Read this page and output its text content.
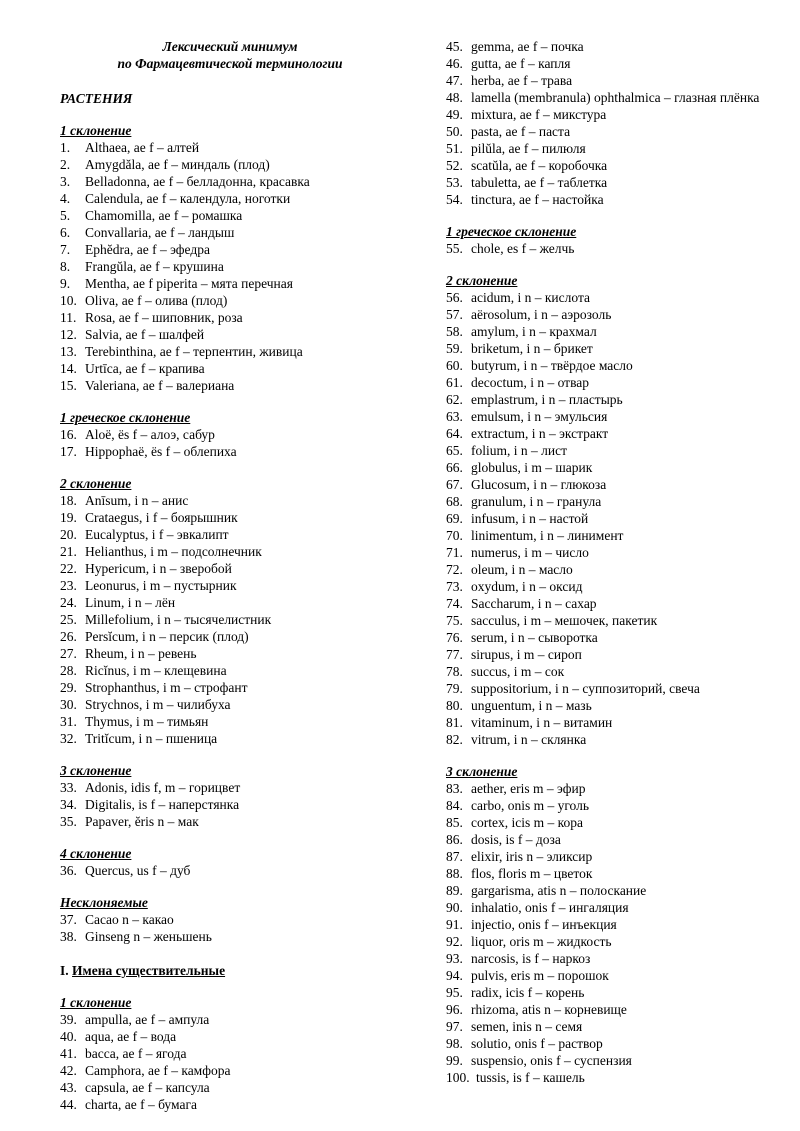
Лексический минимум
по Фармацевтической терминологии
РАСТЕНИЯ
1 склонение
1.	Althaea, ae f – алтей
2.	Amygdăla, ae f – миндаль (плод)
3.	Belladonna, ae f – белладонна, красавка
4.	Calendula, ae f – календула, ноготки
5.	Chamomilla, ae f – ромашка
6.	Convallaria, ae f – ландыш
7.	Ephĕdra, ae f – эфедра
8.	Frangŭla, ae f – крушина
9.	Mentha, ae f piperita – мята перечная
10. Oliva, ae f – олива (плод)
11. Rosa, ae f – шиповник, роза
12. Salvia, ae f – шалфей
13. Terebinthina, ae f – терпентин, живица
14. Urtīca, ae f – крапива
15. Valeriana, ae f – валериана
1 греческое склонение
16. Aloë, ёs f – алоэ, сабур
17. Hippophaë, ёs f – облепиха
2 склонение
18. Anīsum, i n – анис
19. Crataegus, i f – боярышник
20. Eucalyptus, i f – эвкалипт
21. Helianthus, i m – подсолнечник
22. Hypericum, i n – зверобой
23. Leonurus, i m – пустырник
24. Linum, i n – лён
25. Millefolium, i n – тысячелистник
26. Persĭcum, i n – персик (плод)
27. Rheum, i n – ревень
28. Ricĭnus, i m – клещевина
29. Strophanthus, i m – строфант
30. Strychnos, i m – чилибуха
31. Thymus, i m – тимьян
32. Tritĭcum, i n – пшеница
3 склонение
33. Adonis, idis f, m – горицвет
34. Digitalis, is f – наперстянка
35. Papaver, ĕris n – мак
4 склонение
36. Quercus, us f – дуб
Несклоняемые
37. Cacao n – какао
38. Ginseng n – женьшень
I. Имена существительные
1 склонение
39. ampulla, ae f – ампула
40. aqua, ae f – вода
41. bacca, ae f – ягода
42. Camphora, ae f – камфора
43. capsula, ae f – капсула
44. charta, ae f – бумага
45. gemma, ae f – почка
46. gutta, ae f – капля
47. herba, ae f – трава
48. lamella (membranula) ophthalmica – глазная плёнка
49. mixtura, ae f – микстура
50. pasta, ae f – паста
51. pilŭla, ae f – пилюля
52. scatŭla, ae f – коробочка
53. tabuletta, ae f – таблетка
54. tinctura, ae f – настойка
1 греческое склонение
55. chole, es f – желчь
2 склонение
56. acidum, i n – кислота
57. aërosolum, i n – аэрозоль
58. amylum, i n – крахмал
59. briketum, i n – брикет
60. butyrum, i n – твёрдое масло
61. decoctum, i n – отвар
62. emplastrum, i n – пластырь
63. emulsum, i n – эмульсия
64. extractum, i n – экстракт
65. folium, i n – лист
66. globulus, i m – шарик
67. Glucosum, i n – глюкоза
68. granulum, i n – гранула
69. infusum, i n – настой
70. linimentum, i n – линимент
71. numerus, i m – число
72. oleum, i n – масло
73. oxydum, i n – оксид
74. Saccharum, i n – сахар
75. sacculus, i m – мешочек, пакетик
76. serum, i n – сыворотка
77. sirupus, i m – сироп
78. succus, i m – сок
79. suppositorium, i n – суппозиторий, свеча
80. unguentum, i n – мазь
81. vitaminum, i n – витамин
82. vitrum, i n – склянка
3 склонение
83. aether, eris m – эфир
84. carbo, onis m – уголь
85. cortex, icis m – кора
86. dosis, is f – доза
87. elixir, iris n – эликсир
88. flos, floris m – цветок
89. gargarisma, atis n – полоскание
90. inhalatio, onis f – ингаляция
91. injectio, onis f – инъекция
92. liquor, oris m – жидкость
93. narcosis, is f – наркоз
94. pulvis, eris m – порошок
95. radix, icis f – корень
96. rhizoma, atis n – корневище
97. semen, inis n – семя
98. solutio, onis f – раствор
99. suspensio, onis f – суспензия
100. tussis, is f – кашель
